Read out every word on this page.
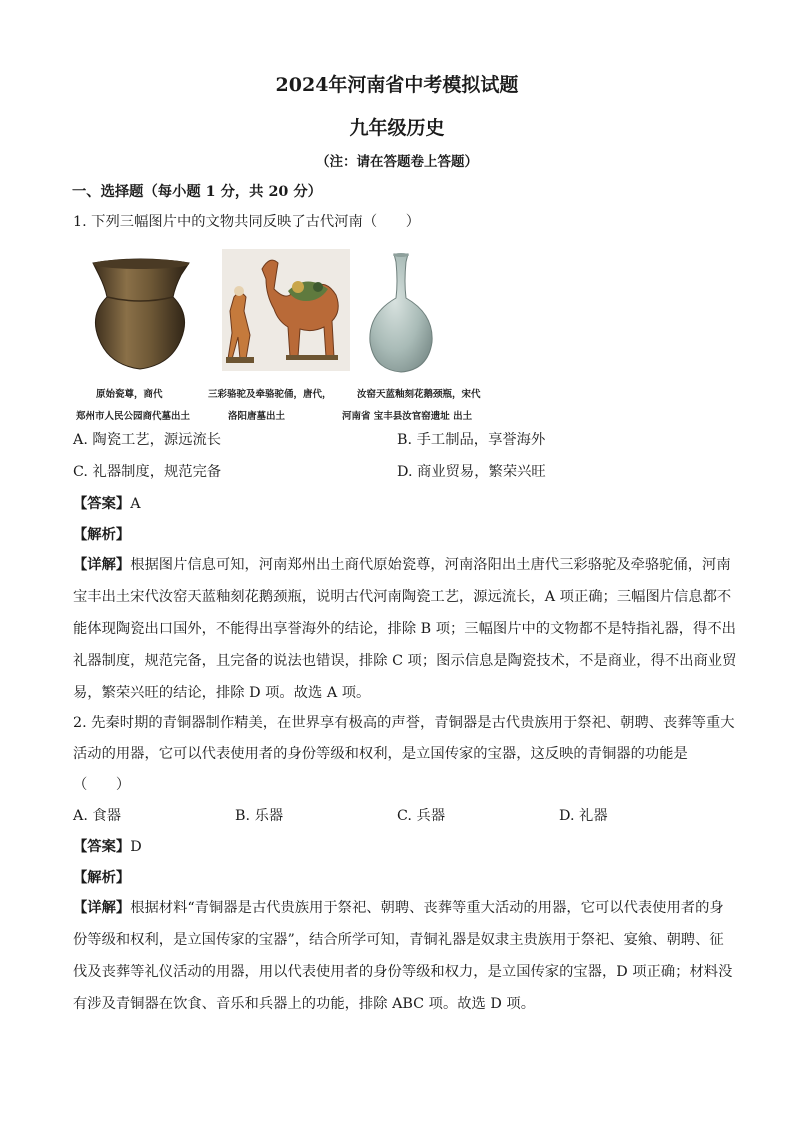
2024年河南省中考模拟试题
九年级历史
（注：请在答题卷上答题）
一、选择题（每小题 1 分，共 20 分）
1. 下列三幅图片中的文物共同反映了古代河南（　　）
原始瓷尊，商代
郑州市人民公园商代墓出土
三彩骆驼及牵骆驼俑，唐代，
洛阳唐墓出土
汝窑天蓝釉刻花鹅颈瓶，宋代
河南省 宝丰县汝官窑遗址 出土
A. 陶瓷工艺，源远流长	B. 手工制品，享誉海外
C. 礼器制度，规范完备	D. 商业贸易，繁荣兴旺
【答案】A
【解析】
【详解】根据图片信息可知，河南郑州出土商代原始瓷尊，河南洛阳出土唐代三彩骆驼及牵骆驼俑，河南
宝丰出土宋代汝窑天蓝釉刻花鹅颈瓶，说明古代河南陶瓷工艺，源远流长，A 项正确；三幅图片信息都不
能体现陶瓷出口国外，不能得出享誉海外的结论，排除 B 项；三幅图片中的文物都不是特指礼器，得不出
礼器制度，规范完备，且完备的说法也错误，排除 C 项；图示信息是陶瓷技术，不是商业，得不出商业贸
易，繁荣兴旺的结论，排除 D 项。故选 A 项。
2. 先秦时期的青铜器制作精美，在世界享有极高的声誉，青铜器是古代贵族用于祭祀、朝聘、丧葬等重大
活动的用器，它可以代表使用者的身份等级和权利，是立国传家的宝器，这反映的青铜器的功能是
（　　）
A. 食器	B. 乐器	C. 兵器	D. 礼器
【答案】D
【解析】
【详解】根据材料“青铜器是古代贵族用于祭祀、朝聘、丧葬等重大活动的用器，它可以代表使用者的身
份等级和权利，是立国传家的宝器”，结合所学可知，青铜礼器是奴隶主贵族用于祭祀、宴飨、朝聘、征
伐及丧葬等礼仪活动的用器，用以代表使用者的身份等级和权力，是立国传家的宝器，D 项正确；材料没
有涉及青铜器在饮食、音乐和兵器上的功能，排除 ABC 项。故选 D 项。
